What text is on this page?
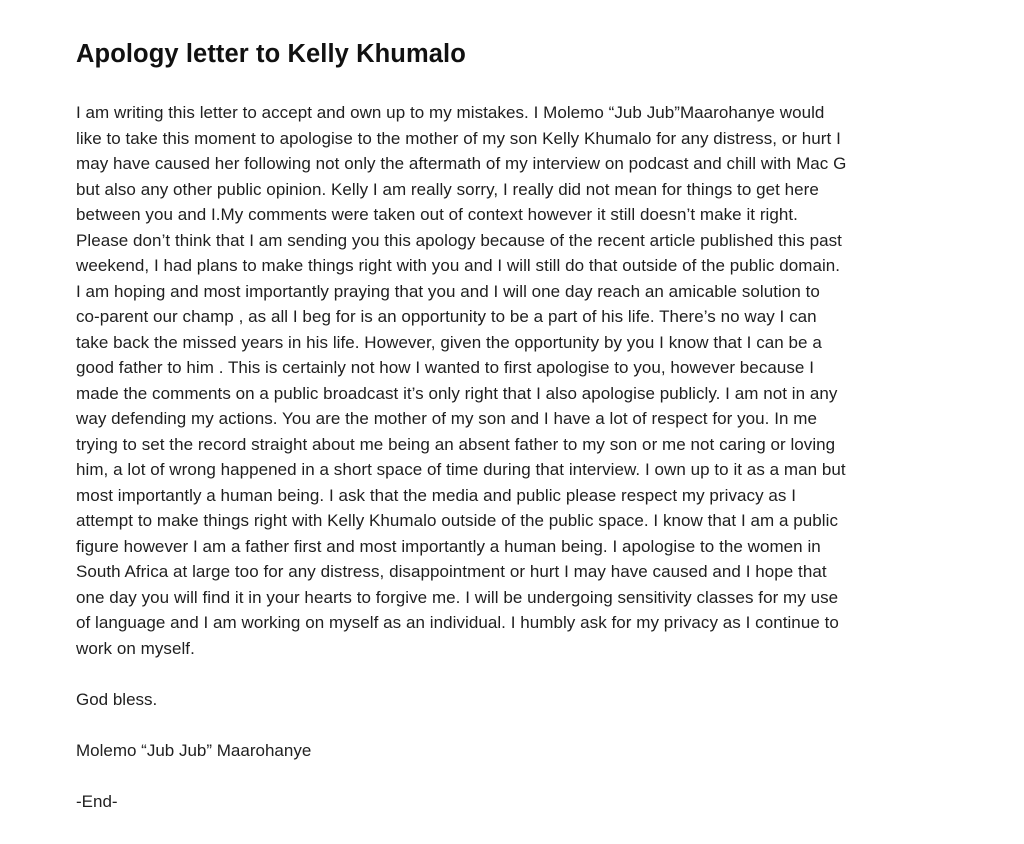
Apology letter to Kelly Khumalo
I am writing this letter to accept and own up to my mistakes. I Molemo “Jub Jub”Maarohanye would
like to take this moment to apologise to the mother of my son Kelly Khumalo for any distress, or hurt I
may have caused her following not only the aftermath of my interview on podcast and chill with Mac G
but also any other public opinion. Kelly I am really sorry, I really did not mean for things to get here
between you and I.My comments were taken out of context however it still doesn’t make it right.
Please don’t think that I am sending you this apology because of the recent article published this past
weekend, I had plans to make things right with you and I will still do that outside of the public domain.
I am hoping and most importantly praying that you and I will one day reach an amicable solution to
co-parent our champ , as all I beg for is an opportunity to be a part of his life. There’s no way I can
take back the missed years in his life. However, given the opportunity by you I know that I can be a
good father to him . This is certainly not how I wanted to first apologise to you, however because I
made the comments on a public broadcast it’s only right that I also apologise publicly. I am not in any
way defending my actions. You are the mother of my son and I have a lot of respect for you. In me
trying to set the record straight about me being an absent father to my son or me not caring or loving
him, a lot of wrong happened in a short space of time during that interview. I own up to it as a man but
most importantly a human being. I ask that the media and public please respect my privacy as I
attempt to make things right with Kelly Khumalo outside of the public space. I know that I am a public
figure however I am a father first and most importantly a human being. I apologise to the women in
South Africa at large too for any distress, disappointment or hurt I may have caused and I hope that
one day you will find it in your hearts to forgive me. I will be undergoing sensitivity classes for my use
of language and I am working on myself as an individual. I humbly ask for my privacy as I continue to
work on myself.
God bless.
Molemo “Jub Jub” Maarohanye
-End-
